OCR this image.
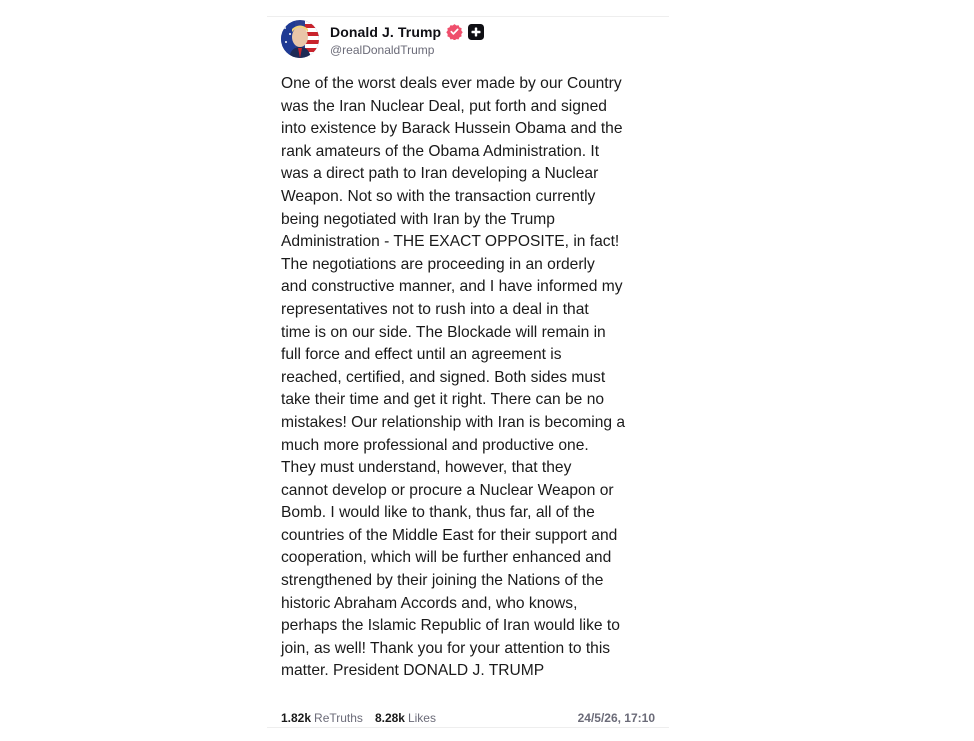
Donald J. Trump
@realDonaldTrump

One of the worst deals ever made by our Country

was the Iran Nuclear Deal, put forth and signed

into existence by Barack Hussein Obama and the

rank amateurs of the Obama Administration. It

was a direct path to Iran developing a Nuclear

Weapon. Not so with the transaction currently

being negotiated with Iran by the Trump

Administration - THE EXACT OPPOSITE, in fact!

The negotiations are proceeding in an orderly

and constructive manner, and I have informed my

representatives not to rush into a deal in that

time is on our side. The Blockade will remain in

full force and effect until an agreement is

reached, certified, and signed. Both sides must

take their time and get it right. There can be no

mistakes! Our relationship with Iran is becoming a

much more professional and productive one.

They must understand, however, that they

cannot develop or procure a Nuclear Weapon or

Bomb. I would like to thank, thus far, all of the

countries of the Middle East for their support and

cooperation, which will be further enhanced and

strengthened by their joining the Nations of the

historic Abraham Accords and, who knows,

perhaps the Islamic Republic of Iran would like to

join, as well! Thank you for your attention to this

matter. President DONALD J. TRUMP

1.82k ReTruths 8.28k Likes	24/5/26, 17:10
